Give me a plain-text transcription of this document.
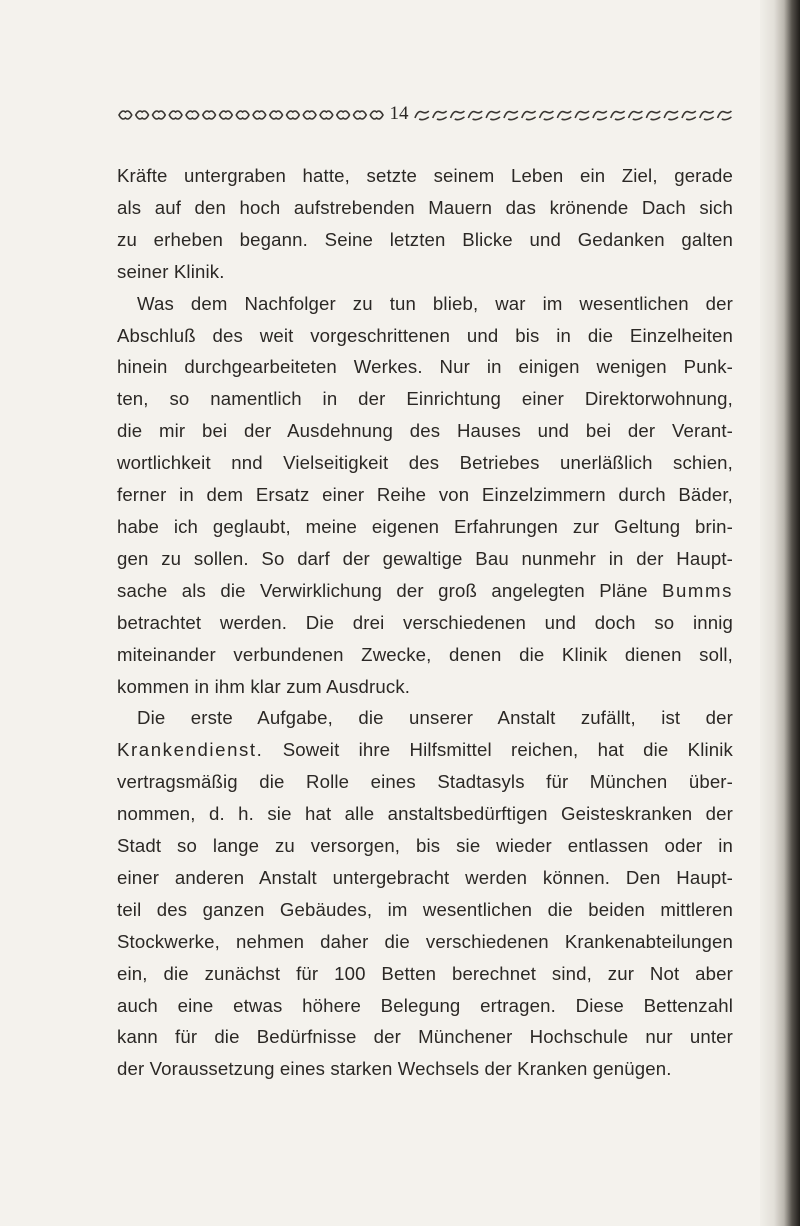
14

Kräfte untergraben hatte, setzte seinem Leben ein Ziel, gerade

als auf den hoch aufstrebenden Mauern das krönende Dach sich

zu erheben begann. Seine letzten Blicke und Gedanken galten

seiner Klinik.

Was dem Nachfolger zu tun blieb, war im wesentlichen der

Abschluß des weit vorgeschrittenen und bis in die Einzelheiten

hinein durchgearbeiteten Werkes. Nur in einigen wenigen Punk-

ten, so namentlich in der Einrichtung einer Direktorwohnung,

die mir bei der Ausdehnung des Hauses und bei der Verant-

wortlichkeit nnd Vielseitigkeit des Betriebes unerläßlich schien,

ferner in dem Ersatz einer Reihe von Einzelzimmern durch Bäder,

habe ich geglaubt, meine eigenen Erfahrungen zur Geltung brin-

gen zu sollen. So darf der gewaltige Bau nunmehr in der Haupt-

sache als die Verwirklichung der groß angelegten Pläne Bumms

betrachtet werden. Die drei verschiedenen und doch so innig

miteinander verbundenen Zwecke, denen die Klinik dienen soll,

kommen in ihm klar zum Ausdruck.

Die erste Aufgabe, die unserer Anstalt zufällt, ist der

Krankendienst. Soweit ihre Hilfsmittel reichen, hat die Klinik

vertragsmäßig die Rolle eines Stadtasyls für München über-

nommen, d. h. sie hat alle anstaltsbedürftigen Geisteskranken der

Stadt so lange zu versorgen, bis sie wieder entlassen oder in

einer anderen Anstalt untergebracht werden können. Den Haupt-

teil des ganzen Gebäudes, im wesentlichen die beiden mittleren

Stockwerke, nehmen daher die verschiedenen Krankenabteilungen

ein, die zunächst für 100 Betten berechnet sind, zur Not aber

auch eine etwas höhere Belegung ertragen. Diese Bettenzahl

kann für die Bedürfnisse der Münchener Hochschule nur unter

der Voraussetzung eines starken Wechsels der Kranken genügen.
